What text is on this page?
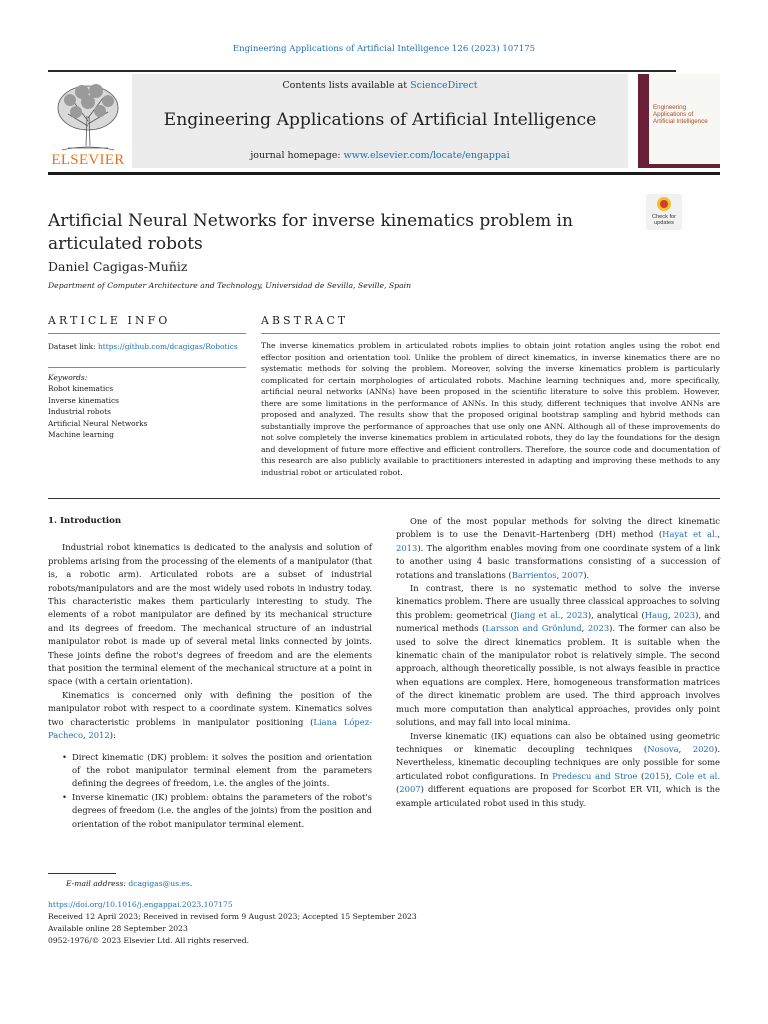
Engineering Applications of Artificial Intelligence 126 (2023) 107175
ELSEVIER
Contents lists available at ScienceDirect
Engineering Applications of Artificial Intelligence
journal homepage: www.elsevier.com/locate/engappai
Engineering Applications of Artificial Intelligence
Check for updates
Artificial Neural Networks for inverse kinematics problem in articulated robots
Daniel Cagigas-Muñiz
Department of Computer Architecture and Technology, Universidad de Sevilla, Seville, Spain
ARTICLE INFO	ABSTRACT
Dataset link: https://github.com/dcagigas/Robotics
Keywords:
Robot kinematics
Inverse kinematics
Industrial robots
Artificial Neural Networks
Machine learning
The inverse kinematics problem in articulated robots implies to obtain joint rotation angles using the robot end effector position and orientation tool. Unlike the problem of direct kinematics, in inverse kinematics there are no systematic methods for solving the problem. Moreover, solving the inverse kinematics problem is particularly complicated for certain morphologies of articulated robots. Machine learning techniques and, more specifically, artificial neural networks (ANNs) have been proposed in the scientific literature to solve this problem. However, there are some limitations in the performance of ANNs. In this study, different techniques that involve ANNs are proposed and analyzed. The results show that the proposed original bootstrap sampling and hybrid methods can substantially improve the performance of approaches that use only one ANN. Although all of these improvements do not solve completely the inverse kinematics problem in articulated robots, they do lay the foundations for the design and development of future more effective and efficient controllers. Therefore, the source code and documentation of this research are also publicly available to practitioners interested in adapting and improving these methods to any industrial robot or articulated robot.
1. Introduction

Industrial robot kinematics is dedicated to the analysis and solution of problems arising from the processing of the elements of a manipulator (that is, a robotic arm). Articulated robots are a subset of industrial robots/manipulators and are the most widely used robots in industry today. This characteristic makes them particularly interesting to study. The elements of a robot manipulator are defined by its mechanical structure and its degrees of freedom. The mechanical structure of an industrial manipulator robot is made up of several metal links connected by joints. These joints define the robot's degrees of freedom and are the elements that position the terminal element of the mechanical structure at a point in space (with a certain orientation).

Kinematics is concerned only with defining the position of the manipulator robot with respect to a coordinate system. Kinematics solves two characteristic problems in manipulator positioning (Liana López-Pacheco, 2012):

• Direct kinematic (DK) problem: it solves the position and orientation of the robot manipulator terminal element from the parameters defining the degrees of freedom, i.e. the angles of the joints.
• Inverse kinematic (IK) problem: obtains the parameters of the robot's degrees of freedom (i.e. the angles of the joints) from the position and orientation of the robot manipulator terminal element.

One of the most popular methods for solving the direct kinematic problem is to use the Denavit–Hartenberg (DH) method (Hayat et al., 2013). The algorithm enables moving from one coordinate system of a link to another using 4 basic transformations consisting of a succession of rotations and translations (Barrientos, 2007).

In contrast, there is no systematic method to solve the inverse kinematics problem. There are usually three classical approaches to solving this problem: geometrical (Jiang et al., 2023), analytical (Haug, 2023), and numerical methods (Larsson and Grönlund, 2023). The former can also be used to solve the direct kinematics problem. It is suitable when the kinematic chain of the manipulator robot is relatively simple. The second approach, although theoretically possible, is not always feasible in practice when equations are complex. Here, homogeneous transformation matrices of the direct kinematic problem are used. The third approach involves much more computation than analytical approaches, provides only point solutions, and may fall into local minima.

Inverse kinematic (IK) equations can also be obtained using geometric techniques or kinematic decoupling techniques (Nosova, 2020). Nevertheless, kinematic decoupling techniques are only possible for some articulated robot configurations. In Predescu and Stroe (2015), Cole et al. (2007) different equations are proposed for Scorbot ER VII, which is the example articulated robot used in this study.

E-mail address: dcagigas@us.es.
https://doi.org/10.1016/j.engappai.2023.107175
Received 12 April 2023; Received in revised form 9 August 2023; Accepted 15 September 2023
Available online 28 September 2023
0952-1976/© 2023 Elsevier Ltd. All rights reserved.
